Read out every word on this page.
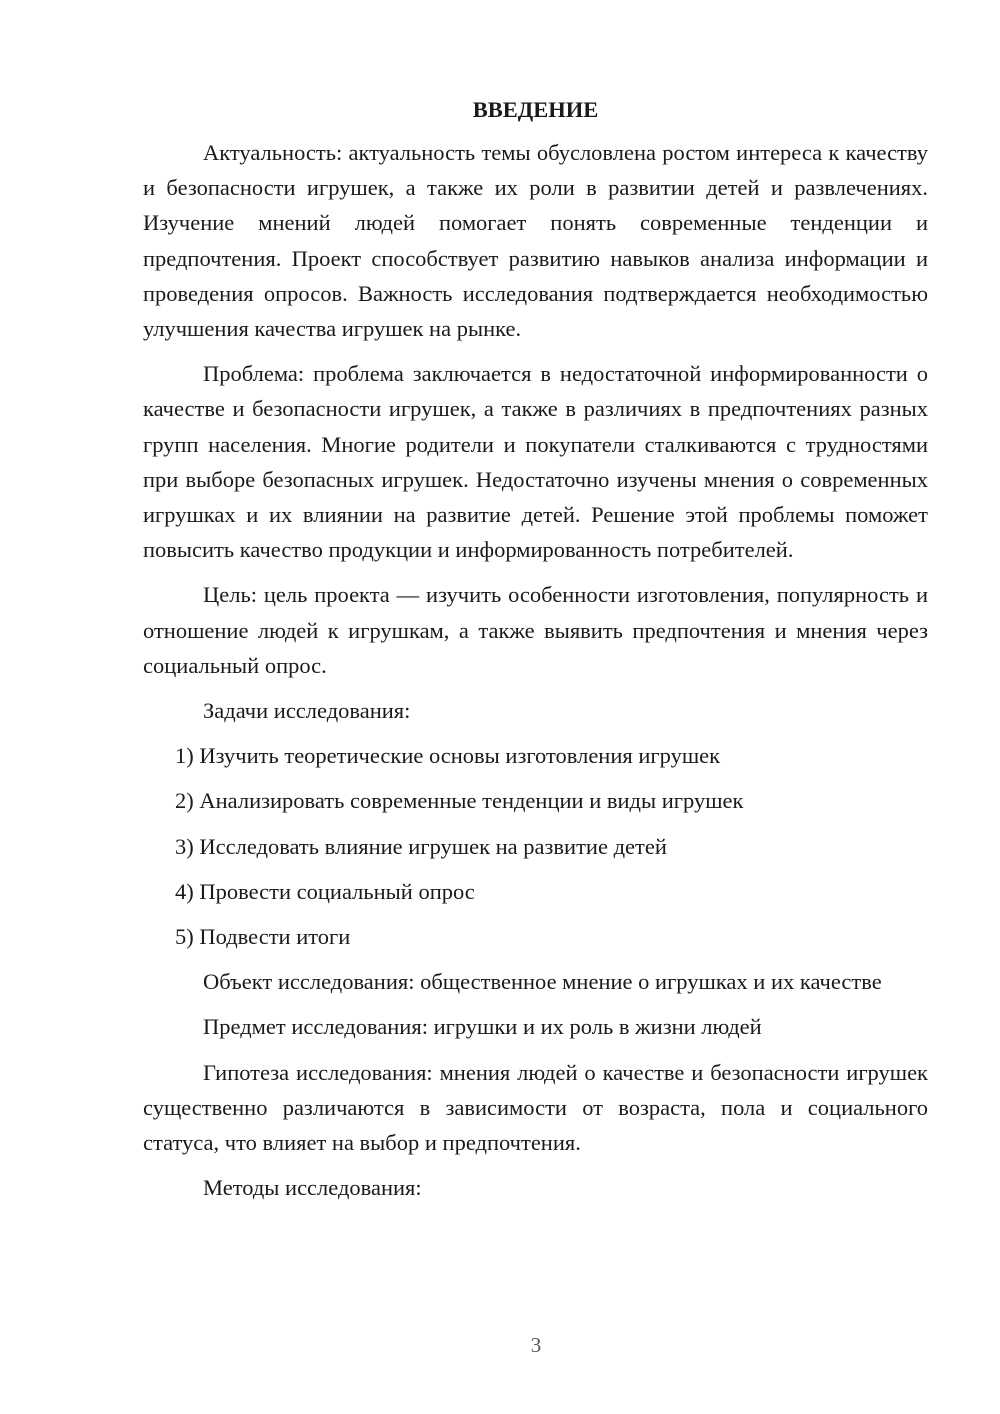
ВВЕДЕНИЕ

Актуальность: актуальность темы обусловлена ростом интереса к качеству и безопасности игрушек, а также их роли в развитии детей и развлечениях. Изучение мнений людей помогает понять современные тенденции и предпочтения. Проект способствует развитию навыков анализа информации и проведения опросов. Важность исследования подтверждается необходимостью улучшения качества игрушек на рынке.

Проблема: проблема заключается в недостаточной информированности о качестве и безопасности игрушек, а также в различиях в предпочтениях разных групп населения. Многие родители и покупатели сталкиваются с трудностями при выборе безопасных игрушек. Недостаточно изучены мнения о современных игрушках и их влиянии на развитие детей. Решение этой проблемы поможет повысить качество продукции и информированность потребителей.

Цель: цель проекта — изучить особенности изготовления, популярность и отношение людей к игрушкам, а также выявить предпочтения и мнения через социальный опрос.

Задачи исследования:
1) Изучить теоретические основы изготовления игрушек
2) Анализировать современные тенденции и виды игрушек
3) Исследовать влияние игрушек на развитие детей
4) Провести социальный опрос
5) Подвести итоги

Объект исследования: общественное мнение о игрушках и их качестве

Предмет исследования: игрушки и их роль в жизни людей

Гипотеза исследования: мнения людей о качестве и безопасности игрушек существенно различаются в зависимости от возраста, пола и социального статуса, что влияет на выбор и предпочтения.

Методы исследования:
3
